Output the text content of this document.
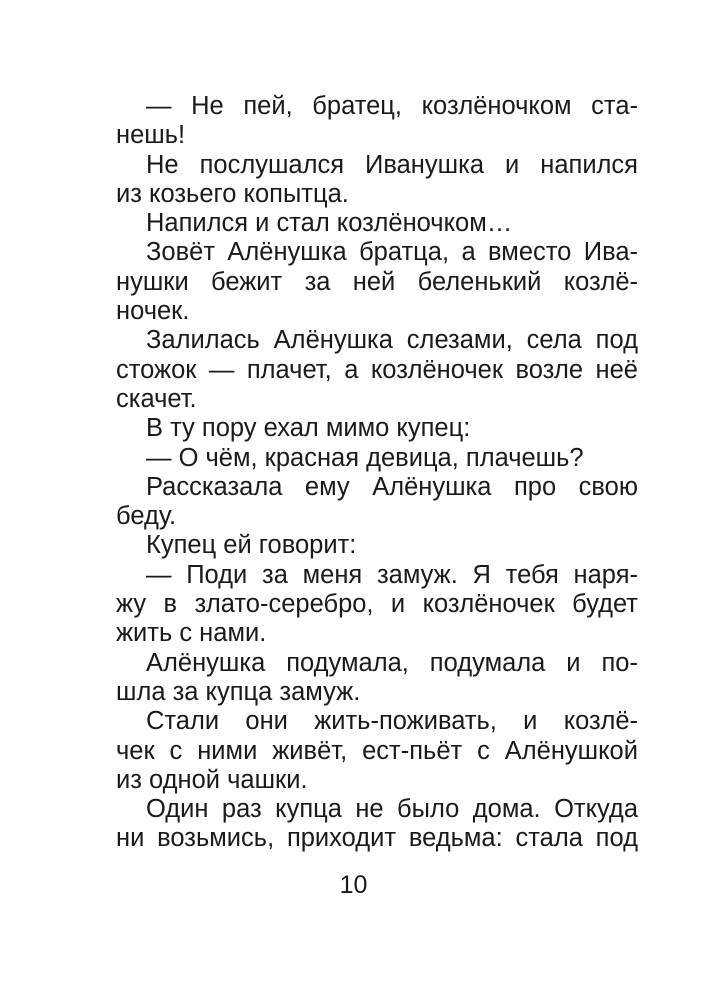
— Не пей, братец, козлёночком ста-
нешь!
Не послушался Иванушка и напился
из козьего копытца.
Напился и стал козлёночком…
Зовёт Алёнушка братца, а вместо Ива-
нушки бежит за ней беленький козлё-
ночек.
Залилась Алёнушка слезами, села под
стожок — плачет, а козлёночек возле неё
скачет.
В ту пору ехал мимо купец:
— О чём, красная девица, плачешь?
Рассказала ему Алёнушка про свою
беду.
Купец ей говорит:
— Поди за меня замуж. Я тебя наря-
жу в злато-серебро, и козлёночек будет
жить с нами.
Алёнушка подумала, подумала и по-
шла за купца замуж.
Стали они жить-поживать, и козлё-
чек с ними живёт, ест-пьёт с Алёнушкой
из одной чашки.
Один раз купца не было дома. Откуда
ни возьмись, приходит ведьма: стала под
10
